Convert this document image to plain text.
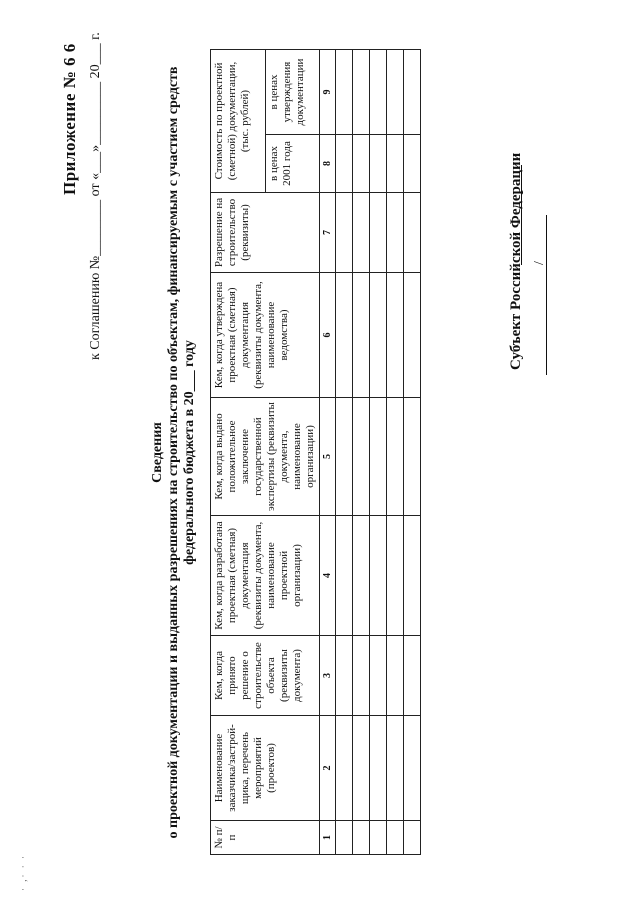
· ,· · ·
Приложение № 6 6 к Соглашению №________ от «___»_________ 20___ г.
Сведения о проектной документации и выданных разрешениях на строительство по объектам, финансируемым с участием средств федерального бюджета в 20___ году
№ п/п	Наименование заказчика/застрой-щика, перечень мероприятий (проектов)	Кем, когда принято решение о строительстве объекта (реквизиты документа)	Кем, когда разработана проектная (сметная) документация (реквизиты документа, наименование проектной организации)	Кем, когда выдано положительное заключение государственной экспертизы (реквизиты документа, наименование организации)	Кем, когда утверждена проектная (сметная) документация (реквизиты документа, наименование ведомства)	Разрешение на строительство (реквизиты)	Стоимость по проектной (сметной) документации, (тыс. рублей)	
							в ценах 2001 года	в ценах утверждения документации
1	2	3	4	5	6	7	8	9

Субъект Российской Федерации /
